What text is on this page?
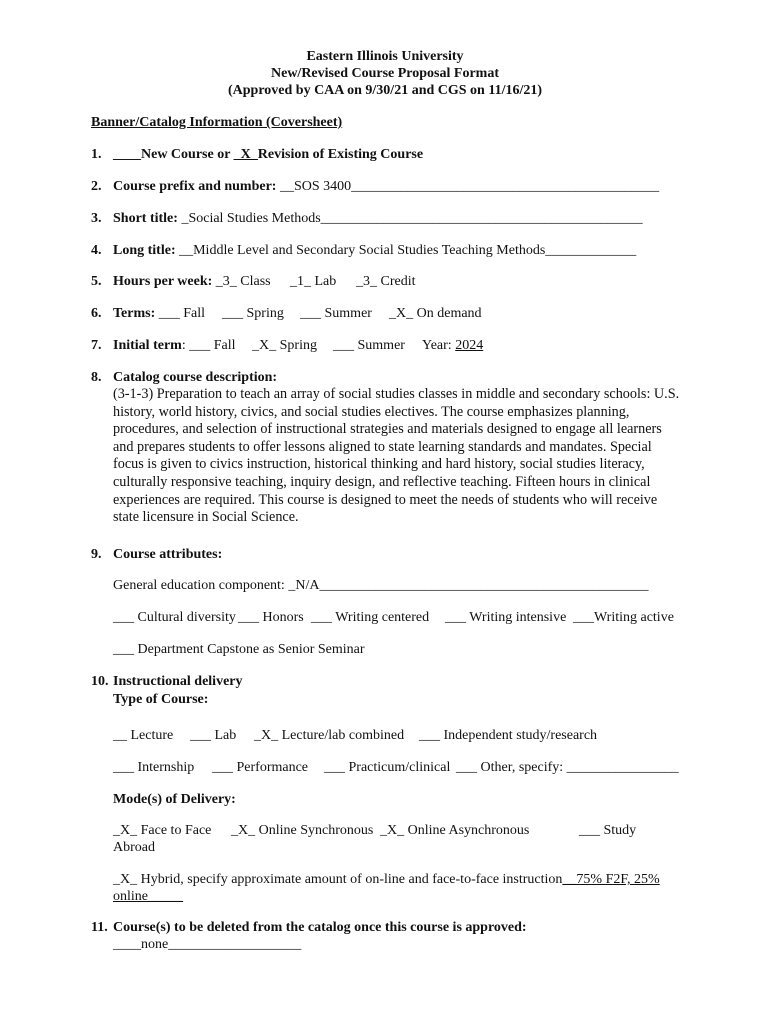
Eastern Illinois University
New/Revised Course Proposal Format
(Approved by CAA on 9/30/21 and CGS on 11/16/21)
Banner/Catalog Information (Coversheet)
1. ____New Course or _X_Revision of Existing Course
2. Course prefix and number: __SOS 3400____________________________________________
3. Short title: _Social Studies Methods______________________________________________
4. Long title: __Middle Level and Secondary Social Studies Teaching Methods_____________
5. Hours per week: _3_ Class _1_ Lab _3_ Credit
6. Terms: ___ Fall ___ Spring ___ Summer _X_ On demand
7. Initial term: ___ Fall _X_ Spring ___ Summer Year: 2024
8. Catalog course description:
(3-1-3) Preparation to teach an array of social studies classes in middle and secondary schools: U.S. history, world history, civics, and social studies electives. The course emphasizes planning, procedures, and selection of instructional strategies and materials designed to engage all learners and prepares students to offer lessons aligned to state learning standards and mandates. Special focus is given to civics instruction, historical thinking and hard history, social studies literacy, culturally responsive teaching, inquiry design, and reflective teaching. Fifteen hours in clinical experiences are required. This course is designed to meet the needs of students who will receive state licensure in Social Science.
9. Course attributes:
General education component: _N/A_______________________________________________
___ Cultural diversity ___ Honors ___ Writing centered ___ Writing intensive ___Writing active
___ Department Capstone as Senior Seminar
10. Instructional delivery
Type of Course:
__ Lecture ___ Lab _X_ Lecture/lab combined ___ Independent study/research
___ Internship ___ Performance ___ Practicum/clinical ___ Other, specify: ________________
Mode(s) of Delivery:
_X_ Face to Face _X_ Online Synchronous _X_ Online Asynchronous	___ Study
Abroad
_X_ Hybrid, specify approximate amount of on-line and face-to-face instruction__75% F2F, 25%
online_____
11. Course(s) to be deleted from the catalog once this course is approved:
____none___________________
